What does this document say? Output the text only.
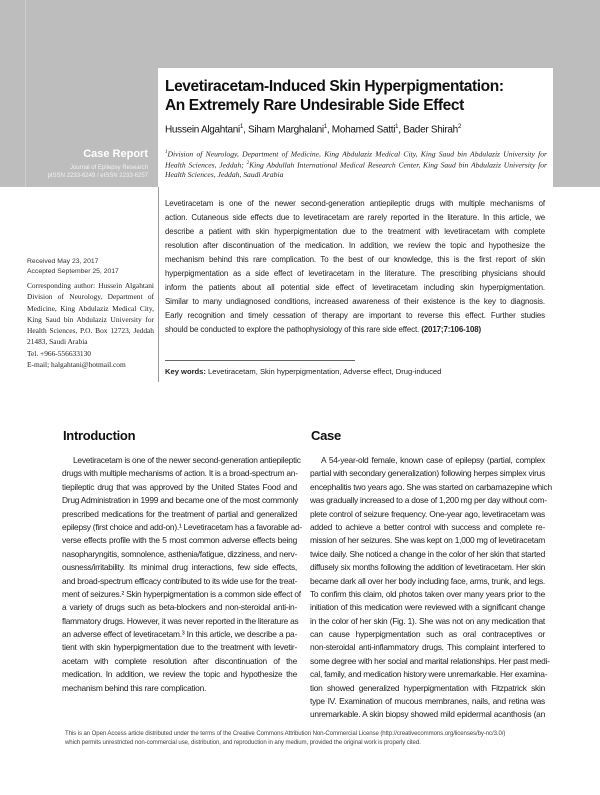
Case Report
Journal of Epilepsy Research
pISSN 2233-6249 / eISSN 2233-6257
Levetiracetam-Induced Skin Hyperpigmentation:
An Extremely Rare Undesirable Side Effect
Hussein Algahtani$^1$, Siham Marghalani$^1$, Mohamed Satti$^1$, Bader Shirah$^2$
$^1$Division of Neurology, Department of Medicine, King Abdulaziz Medical City, King Saud bin Abdulaziz University for Health Sciences, Jeddah; $^2$King Abdullah International Medical Research Center, King Saud bin Abdulaziz University for Health Sciences, Jeddah, Saudi Arabia
Received May 23, 2017
Accepted September 25, 2017
Corresponding author: Hussein Algahtani
Division of Neurology, Department of
Medicine, King Abdulaziz Medical City,
King Saud bin Abdulaziz University for
Health Sciences, P.O. Box 12723, Jeddah
21483, Saudi Arabia
Tel. +966-556633130
E-mail; halgahtani@hotmail.com
Levetiracetam is one of the newer second-generation antiepileptic drugs with multiple mechanisms of
action. Cutaneous side effects due to levetiracetam are rarely reported in the literature. In this article, we
describe a patient with skin hyperpigmentation due to the treatment with levetiracetam with complete
resolution after discontinuation of the medication. In addition, we review the topic and hypothesize the
mechanism behind this rare complication. To the best of our knowledge, this is the first report of skin
hyperpigmentation as a side effect of levetiracetam in the literature. The prescribing physicians should
inform the patients about all potential side effect of levetiracetam including skin hyperpigmentation.
Similar to many undiagnosed conditions, increased awareness of their existence is the key to diagnosis.
Early recognition and timely cessation of therapy are important to reverse this effect. Further studies
should be conducted to explore the pathophysiology of this rare side effect. (2017;7:106-108)
Key words: Levetiracetam, Skin hyperpigmentation, Adverse effect, Drug-induced
Introduction	Case
Levetiracetam is one of the newer second-generation antiepileptic
drugs with multiple mechanisms of action. It is a broad-spectrum an-
tiepileptic drug that was approved by the United States Food and
Drug Administration in 1999 and became one of the most commonly
prescribed medications for the treatment of partial and generalized
epilepsy (first choice and add-on).¹ Levetiracetam has a favorable ad-
verse effects profile with the 5 most common adverse effects being
nasopharyngitis, somnolence, asthenia/fatigue, dizziness, and nerv-
ousness/irritability. Its minimal drug interactions, few side effects,
and broad-spectrum efficacy contributed to its wide use for the treat-
ment of seizures.² Skin hyperpigmentation is a common side effect of
a variety of drugs such as beta-blockers and non-steroidal anti-in-
flammatory drugs. However, it was never reported in the literature as
an adverse effect of levetiracetam.³ In this article, we describe a pa-
tient with skin hyperpigmentation due to the treatment with levetir-
acetam with complete resolution after discontinuation of the
medication. In addition, we review the topic and hypothesize the
mechanism behind this rare complication.
A 54-year-old female, known case of epilepsy (partial, complex
partial with secondary generalization) following herpes simplex virus
encephalitis two years ago. She was started on carbamazepine which
was gradually increased to a dose of 1,200 mg per day without com-
plete control of seizure frequency. One-year ago, levetiracetam was
added to achieve a better control with success and complete re-
mission of her seizures. She was kept on 1,000 mg of levetiracetam
twice daily. She noticed a change in the color of her skin that started
diffusely six months following the addition of levetiracetam. Her skin
became dark all over her body including face, arms, trunk, and legs.
To confirm this claim, old photos taken over many years prior to the
initiation of this medication were reviewed with a significant change
in the color of her skin (Fig. 1). She was not on any medication that
can cause hyperpigmentation such as oral contraceptives or
non-steroidal anti-inflammatory drugs. This complaint interfered to
some degree with her social and marital relationships. Her past medi-
cal, family, and medication history were unremarkable. Her examina-
tion showed generalized hyperpigmentation with Fitzpatrick skin
type IV. Examination of mucous membranes, nails, and retina was
unremarkable. A skin biopsy showed mild epidermal acanthosis (an
This is an Open Access article distributed under the terms of the Creative Commons Attribution Non-Commercial License (http://creativecommons.org/licenses/by-nc/3.0/)
which permits unrestricted non-commercial use, distribution, and reproduction in any medium, provided the original work is properly cited.
